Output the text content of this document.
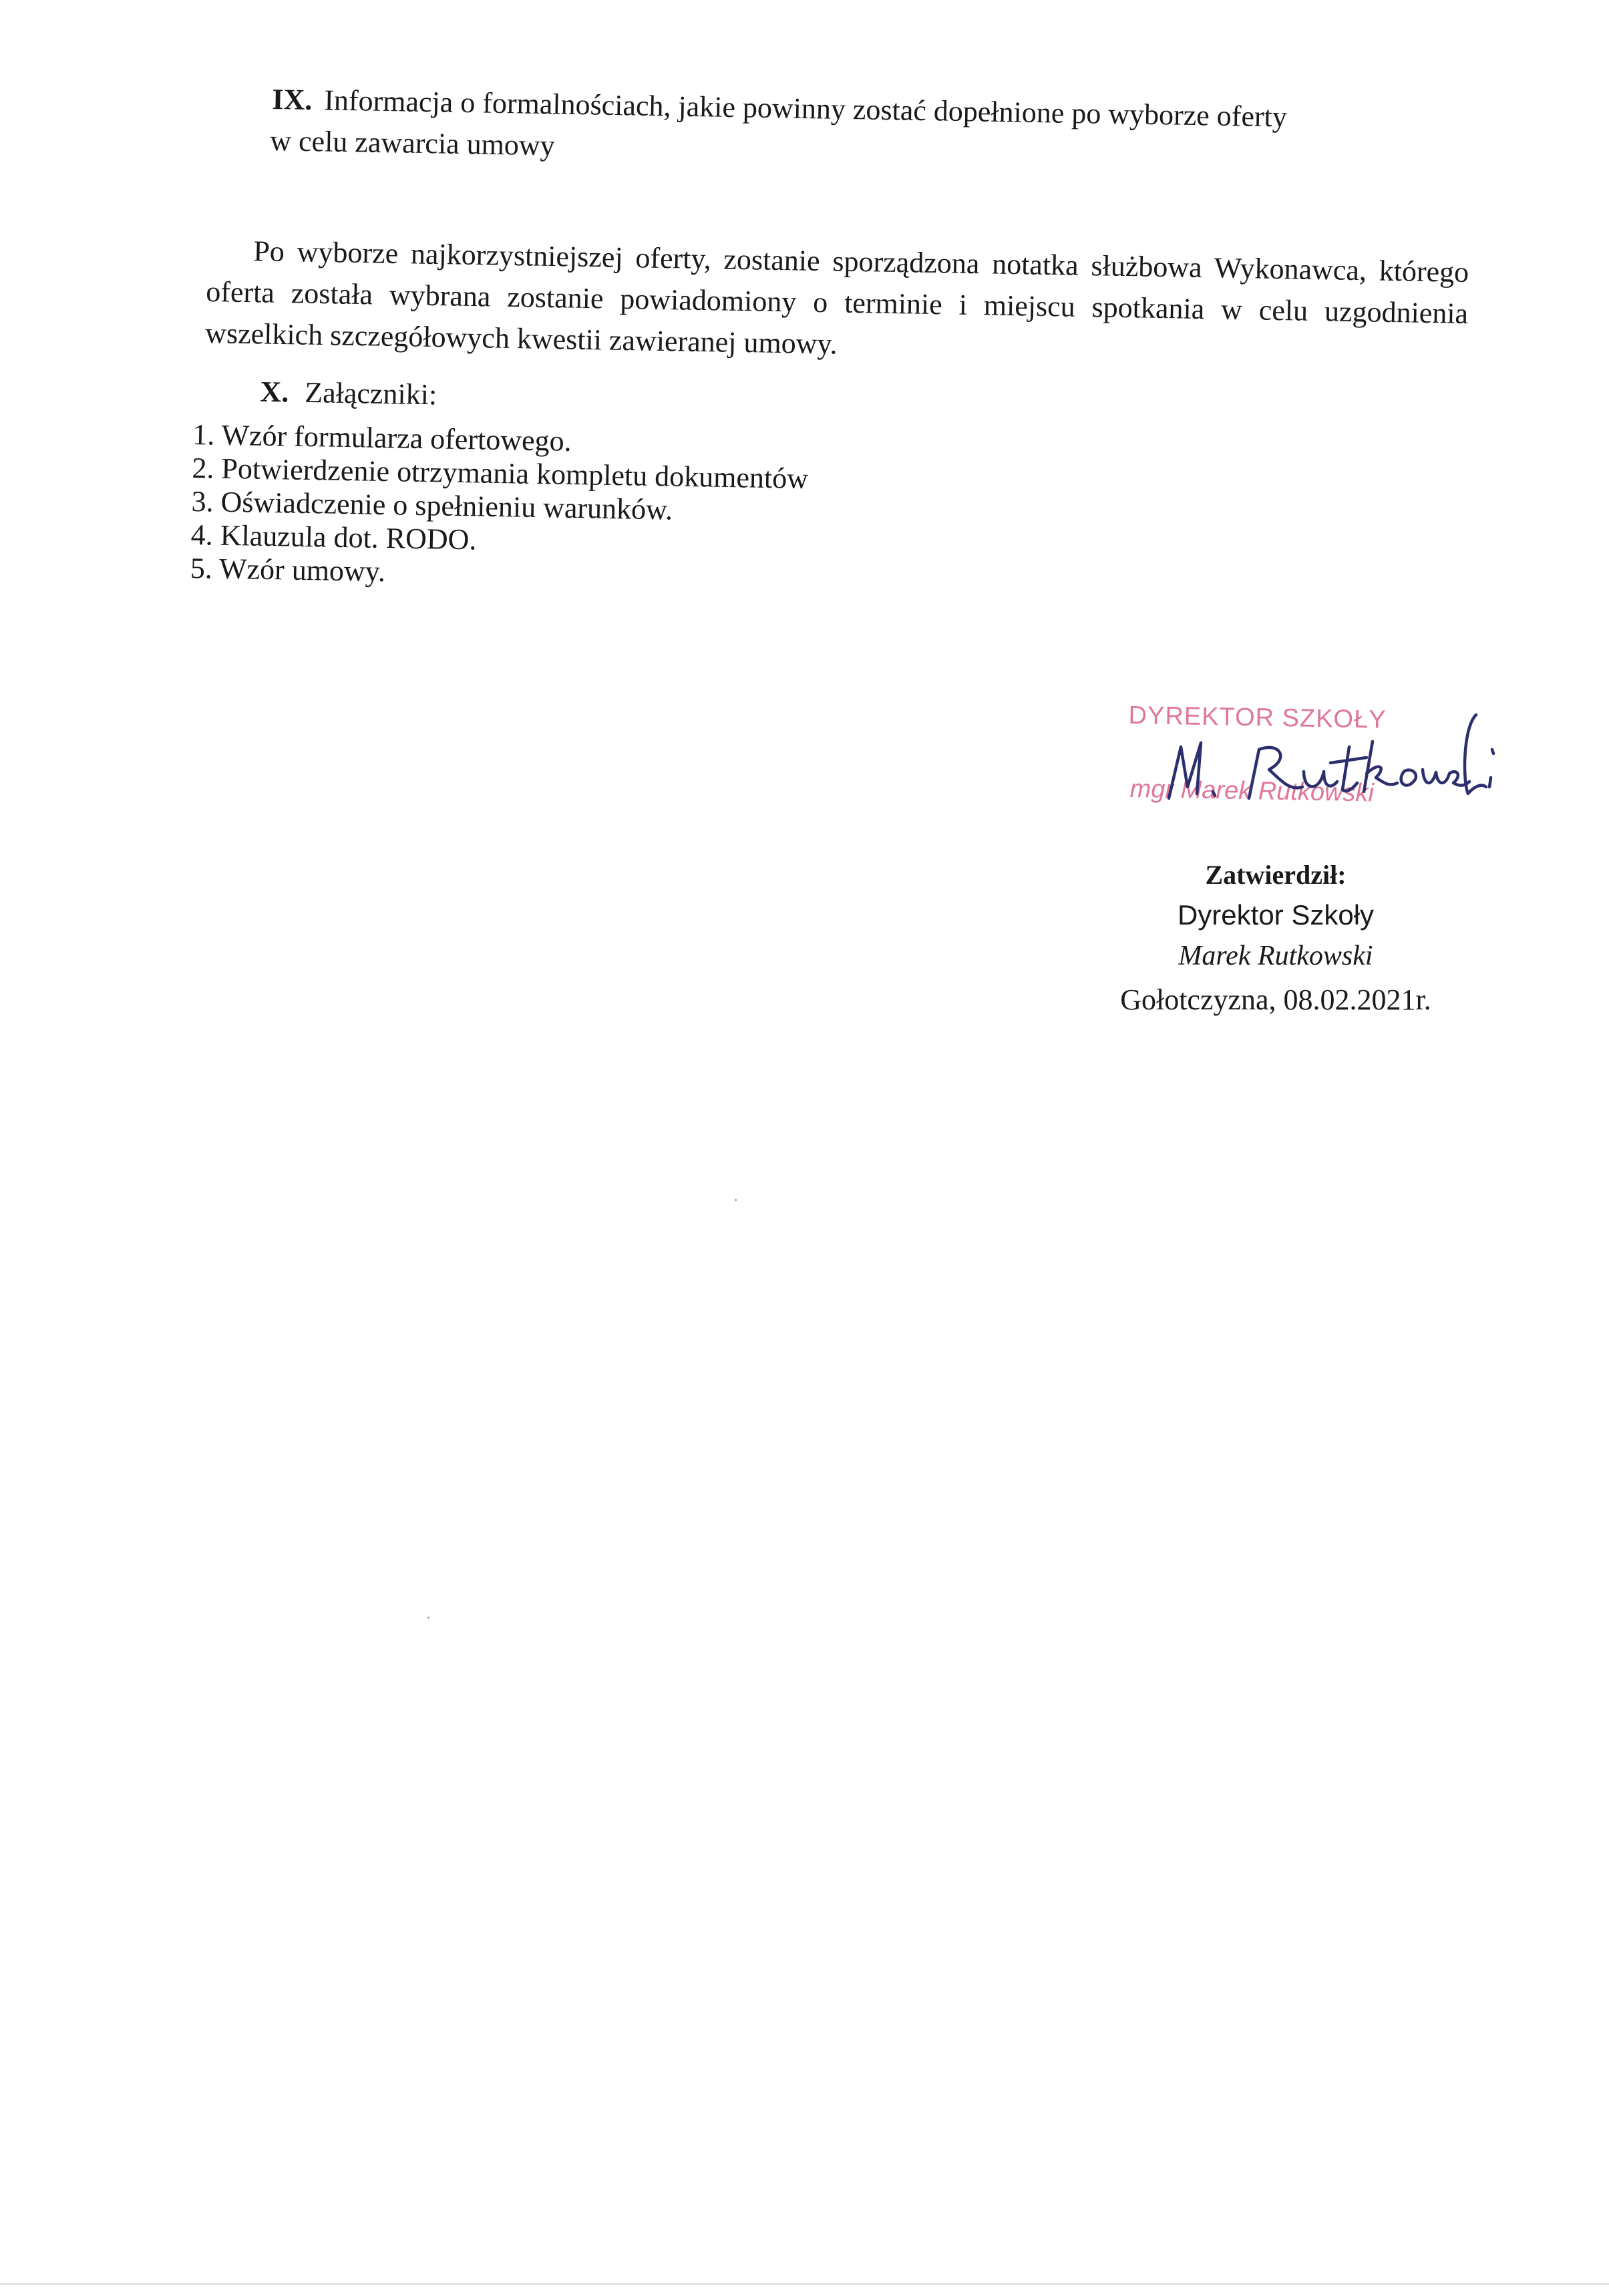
IX. Informacja o formalnościach, jakie powinny zostać dopełnione po wyborze oferty
w celu zawarcia umowy

Po wyborze najkorzystniejszej oferty, zostanie sporządzona notatka służbowa Wykonawca, którego oferta została wybrana zostanie powiadomiony o terminie i miejscu spotkania w celu uzgodnienia wszelkich szczegółowych kwestii zawieranej umowy.

X. Załączniki:
1. Wzór formularza ofertowego.
2. Potwierdzenie otrzymania kompletu dokumentów
3. Oświadczenie o spełnieniu warunków.
4. Klauzula dot. RODO.
5. Wzór umowy.
DYREKTOR SZKOŁY
mgr Marek Rutkowski
Zatwierdził:
Dyrektor Szkoły
Marek Rutkowski
Gołotczyzna, 08.02.2021r.
